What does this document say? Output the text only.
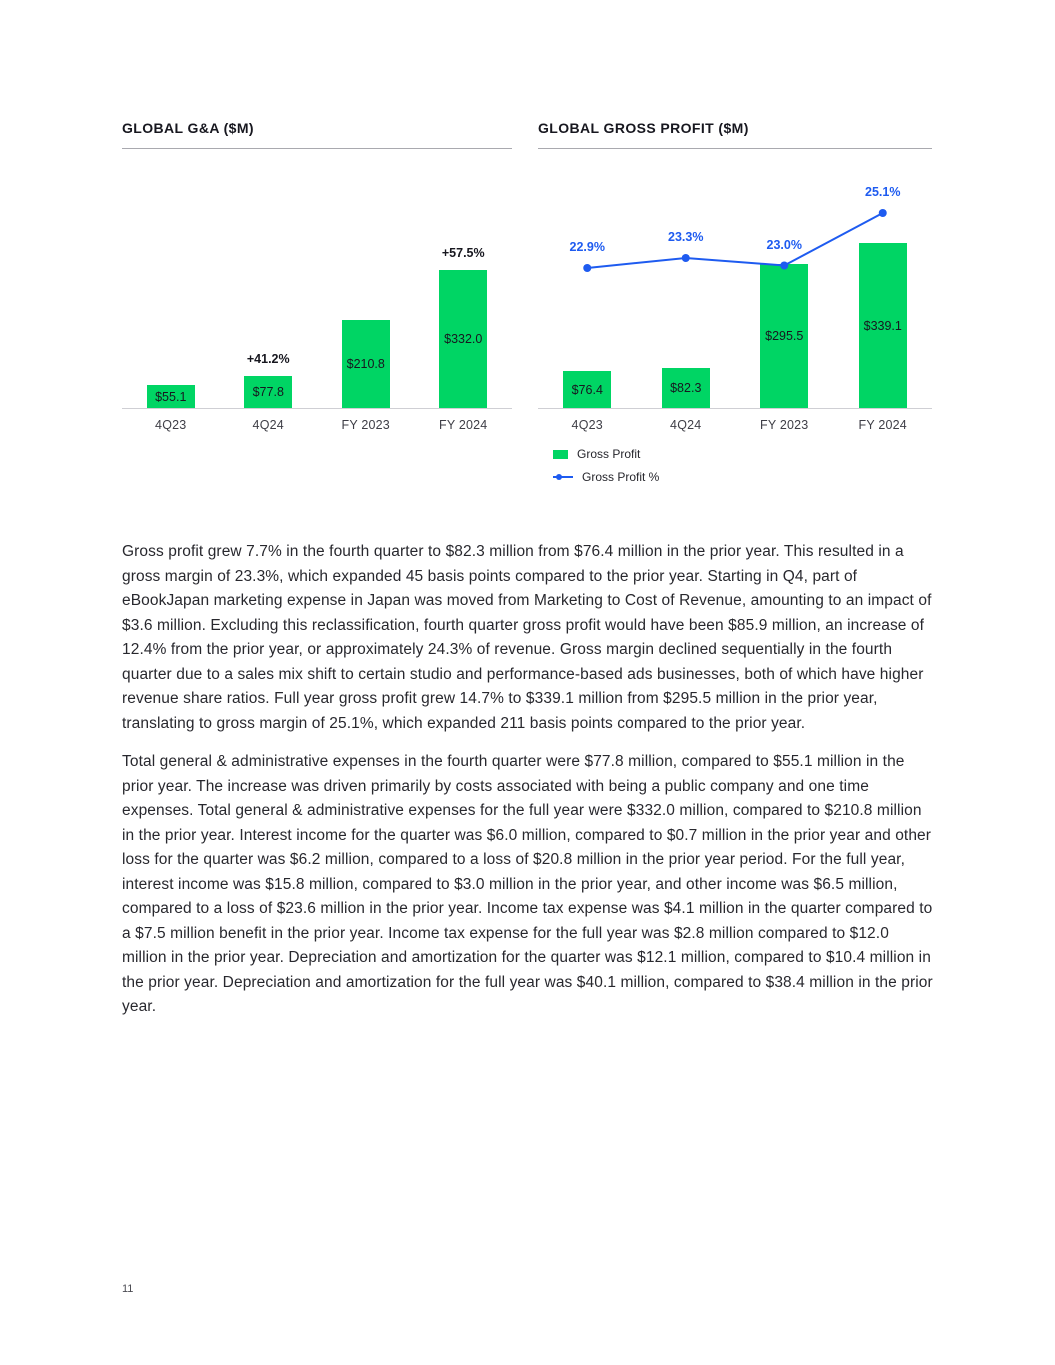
GLOBAL G&A ($M)
$55.1	$77.8
+41.2%	$210.8
$332.0
+57.5%
4Q23	4Q24	FY 2023	FY 2024
GLOBAL GROSS PROFIT ($M)
$76.4	$82.3
$295.5
$339.1
22.9%
23.3%
23.0%
25.1%
4Q23	4Q24	FY 2023	FY 2024
Gross Profit
Gross Profit %

Gross profit grew 7.7% in the fourth quarter to $82.3 million from $76.4 million in the prior year. This resulted in a gross margin of 23.3%, which expanded 45 basis points compared to the prior year. Starting in Q4, part of eBookJapan marketing expense in Japan was moved from Marketing to Cost of Revenue, amounting to an impact of $3.6 million. Excluding this reclassification, fourth quarter gross profit would have been $85.9 million, an increase of 12.4% from the prior year, or approximately 24.3% of revenue. Gross margin declined sequentially in the fourth quarter due to a sales mix shift to certain studio and performance-based ads businesses, both of which have higher revenue share ratios. Full year gross profit grew 14.7% to $339.1 million from $295.5 million in the prior year, translating to gross margin of 25.1%, which expanded 211 basis points compared to the prior year.

Total general & administrative expenses in the fourth quarter were $77.8 million, compared to $55.1 million in the prior year. The increase was driven primarily by costs associated with being a public company and one time expenses. Total general & administrative expenses for the full year were $332.0 million, compared to $210.8 million in the prior year. Interest income for the quarter was $6.0 million, compared to $0.7 million in the prior year and other loss for the quarter was $6.2 million, compared to a loss of $20.8 million in the prior year period. For the full year, interest income was $15.8 million, compared to $3.0 million in the prior year, and other income was $6.5 million, compared to a loss of $23.6 million in the prior year. Income tax expense was $4.1 million in the quarter compared to a $7.5 million benefit in the prior year. Income tax expense for the full year was $2.8 million compared to $12.0 million in the prior year. Depreciation and amortization for the quarter was $12.1 million, compared to $10.4 million in the prior year. Depreciation and amortization for the full year was $40.1 million, compared to $38.4 million in the prior year.

11
